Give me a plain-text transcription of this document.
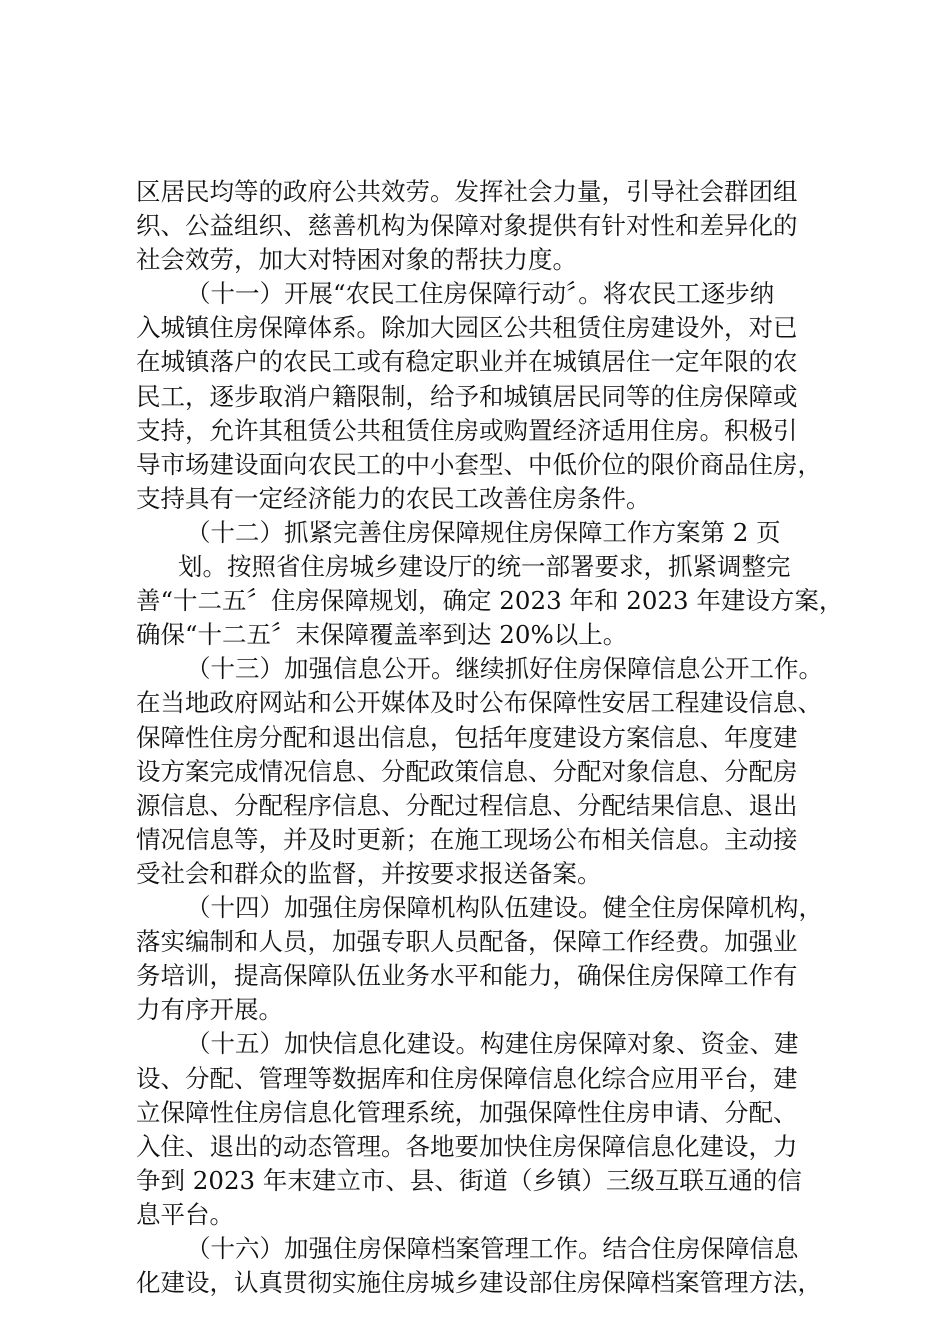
区居民均等的政府公共效劳。发挥社会力量，引导社会群团组
织、公益组织、慈善机构为保障对象提供有针对性和差异化的
社会效劳，加大对特困对象的帮扶力度。
（十一）开展“农民工住房保障行动〞。将农民工逐步纳
入城镇住房保障体系。除加大园区公共租赁住房建设外，对已
在城镇落户的农民工或有稳定职业并在城镇居住一定年限的农
民工，逐步取消户籍限制，给予和城镇居民同等的住房保障或
支持，允许其租赁公共租赁住房或购置经济适用住房。积极引
导市场建设面向农民工的中小套型、中低价位的限价商品住房，
支持具有一定经济能力的农民工改善住房条件。
（十二）抓紧完善住房保障规住房保障工作方案第 2 页
划。按照省住房城乡建设厅的统一部署要求，抓紧调整完
善“十二五〞住房保障规划，确定 2023 年和 2023 年建设方案，
确保“十二五〞末保障覆盖率到达 20%以上。
（十三）加强信息公开。继续抓好住房保障信息公开工作。
在当地政府网站和公开媒体及时公布保障性安居工程建设信息、
保障性住房分配和退出信息，包括年度建设方案信息、年度建
设方案完成情况信息、分配政策信息、分配对象信息、分配房
源信息、分配程序信息、分配过程信息、分配结果信息、退出
情况信息等，并及时更新；在施工现场公布相关信息。主动接
受社会和群众的监督，并按要求报送备案。
（十四）加强住房保障机构队伍建设。健全住房保障机构，
落实编制和人员，加强专职人员配备，保障工作经费。加强业
务培训，提高保障队伍业务水平和能力，确保住房保障工作有
力有序开展。
（十五）加快信息化建设。构建住房保障对象、资金、建
设、分配、管理等数据库和住房保障信息化综合应用平台，建
立保障性住房信息化管理系统，加强保障性住房申请、分配、
入住、退出的动态管理。各地要加快住房保障信息化建设，力
争到 2023 年末建立市、县、街道（乡镇）三级互联互通的信
息平台。
（十六）加强住房保障档案管理工作。结合住房保障信息
化建设，认真贯彻实施住房城乡建设部住房保障档案管理方法，
